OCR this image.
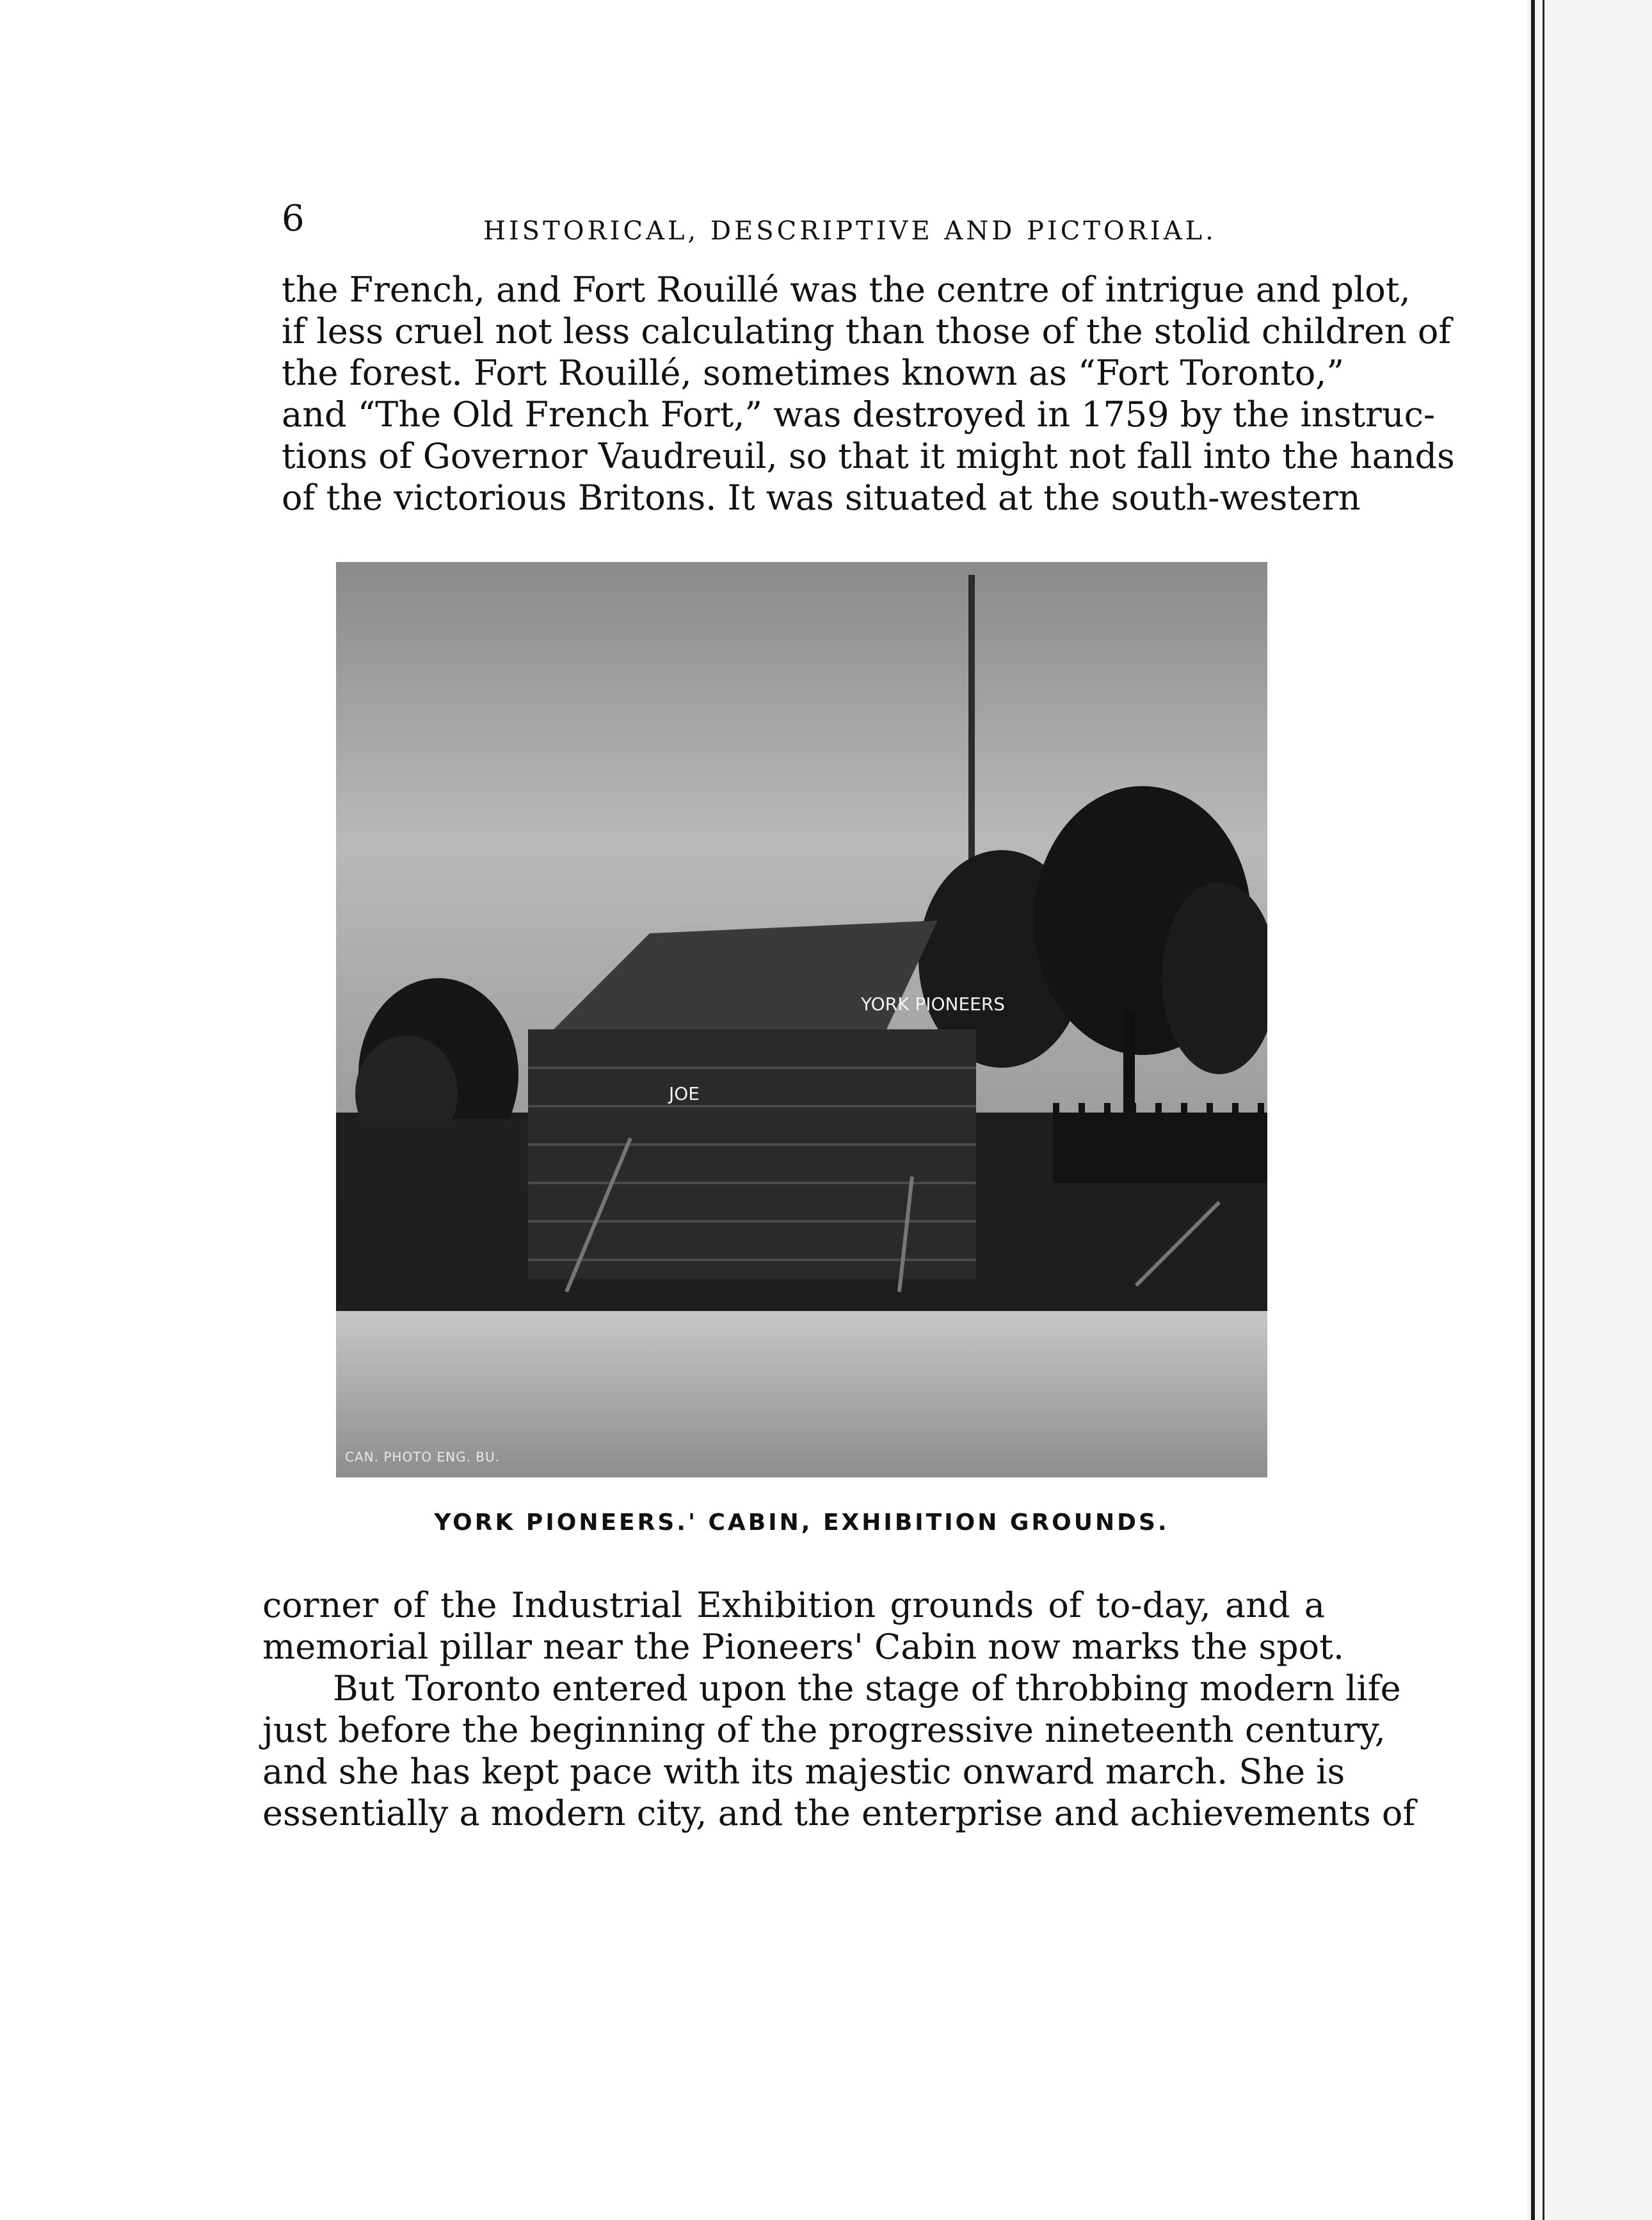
6	HISTORICAL, DESCRIPTIVE AND PICTORIAL.
the French, and Fort Rouillé was the centre of intrigue and plot,
if less cruel not less calculating than those of the stolid children of
the forest. Fort Rouillé, sometimes known as “Fort Toronto,”
and “The Old French Fort,” was destroyed in 1759 by the instruc-
tions of Governor Vaudreuil, so that it might not fall into the hands
of the victorious Britons. It was situated at the south-western
YORK PIONEERS
JOE
CAN. PHOTO ENG. BU.
YORK PIONEERS.' CABIN, EXHIBITION GROUNDS.
corner of the Industrial Exhibition grounds of to-day, and a
memorial pillar near the Pioneers' Cabin now marks the spot.
But Toronto entered upon the stage of throbbing modern life
just before the beginning of the progressive nineteenth century,
and she has kept pace with its majestic onward march. She is
essentially a modern city, and the enterprise and achievements of
